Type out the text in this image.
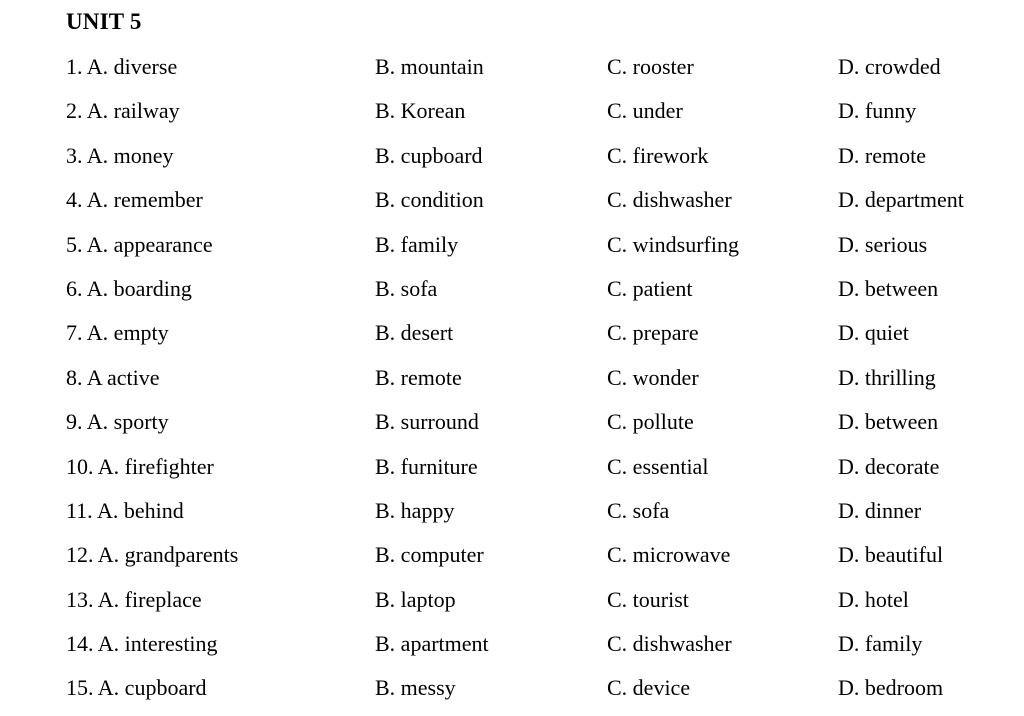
UNIT 5
1. A. diverse	B. mountain	C. rooster	D. crowded
2. A. railway	B. Korean	C. under	D. funny
3. A. money	B. cupboard	C. firework	D. remote
4. A. remember	B. condition	C. dishwasher	D. department
5. A. appearance	B. family	C. windsurfing	D. serious
6. A. boarding	B. sofa	C. patient	D. between
7. A. empty	B. desert	C. prepare	D. quiet
8. A active	B. remote	C. wonder	D. thrilling
9. A. sporty	B. surround	C. pollute	D. between
10. A. firefighter	B. furniture	C. essential	D. decorate
11. A. behind	B. happy	C. sofa	D. dinner
12. A. grandparents	B. computer	C. microwave	D. beautiful
13. A. fireplace	B. laptop	C. tourist	D. hotel
14. A. interesting	B. apartment	C. dishwasher	D. family
15. A. cupboard	B. messy	C. device	D. bedroom
